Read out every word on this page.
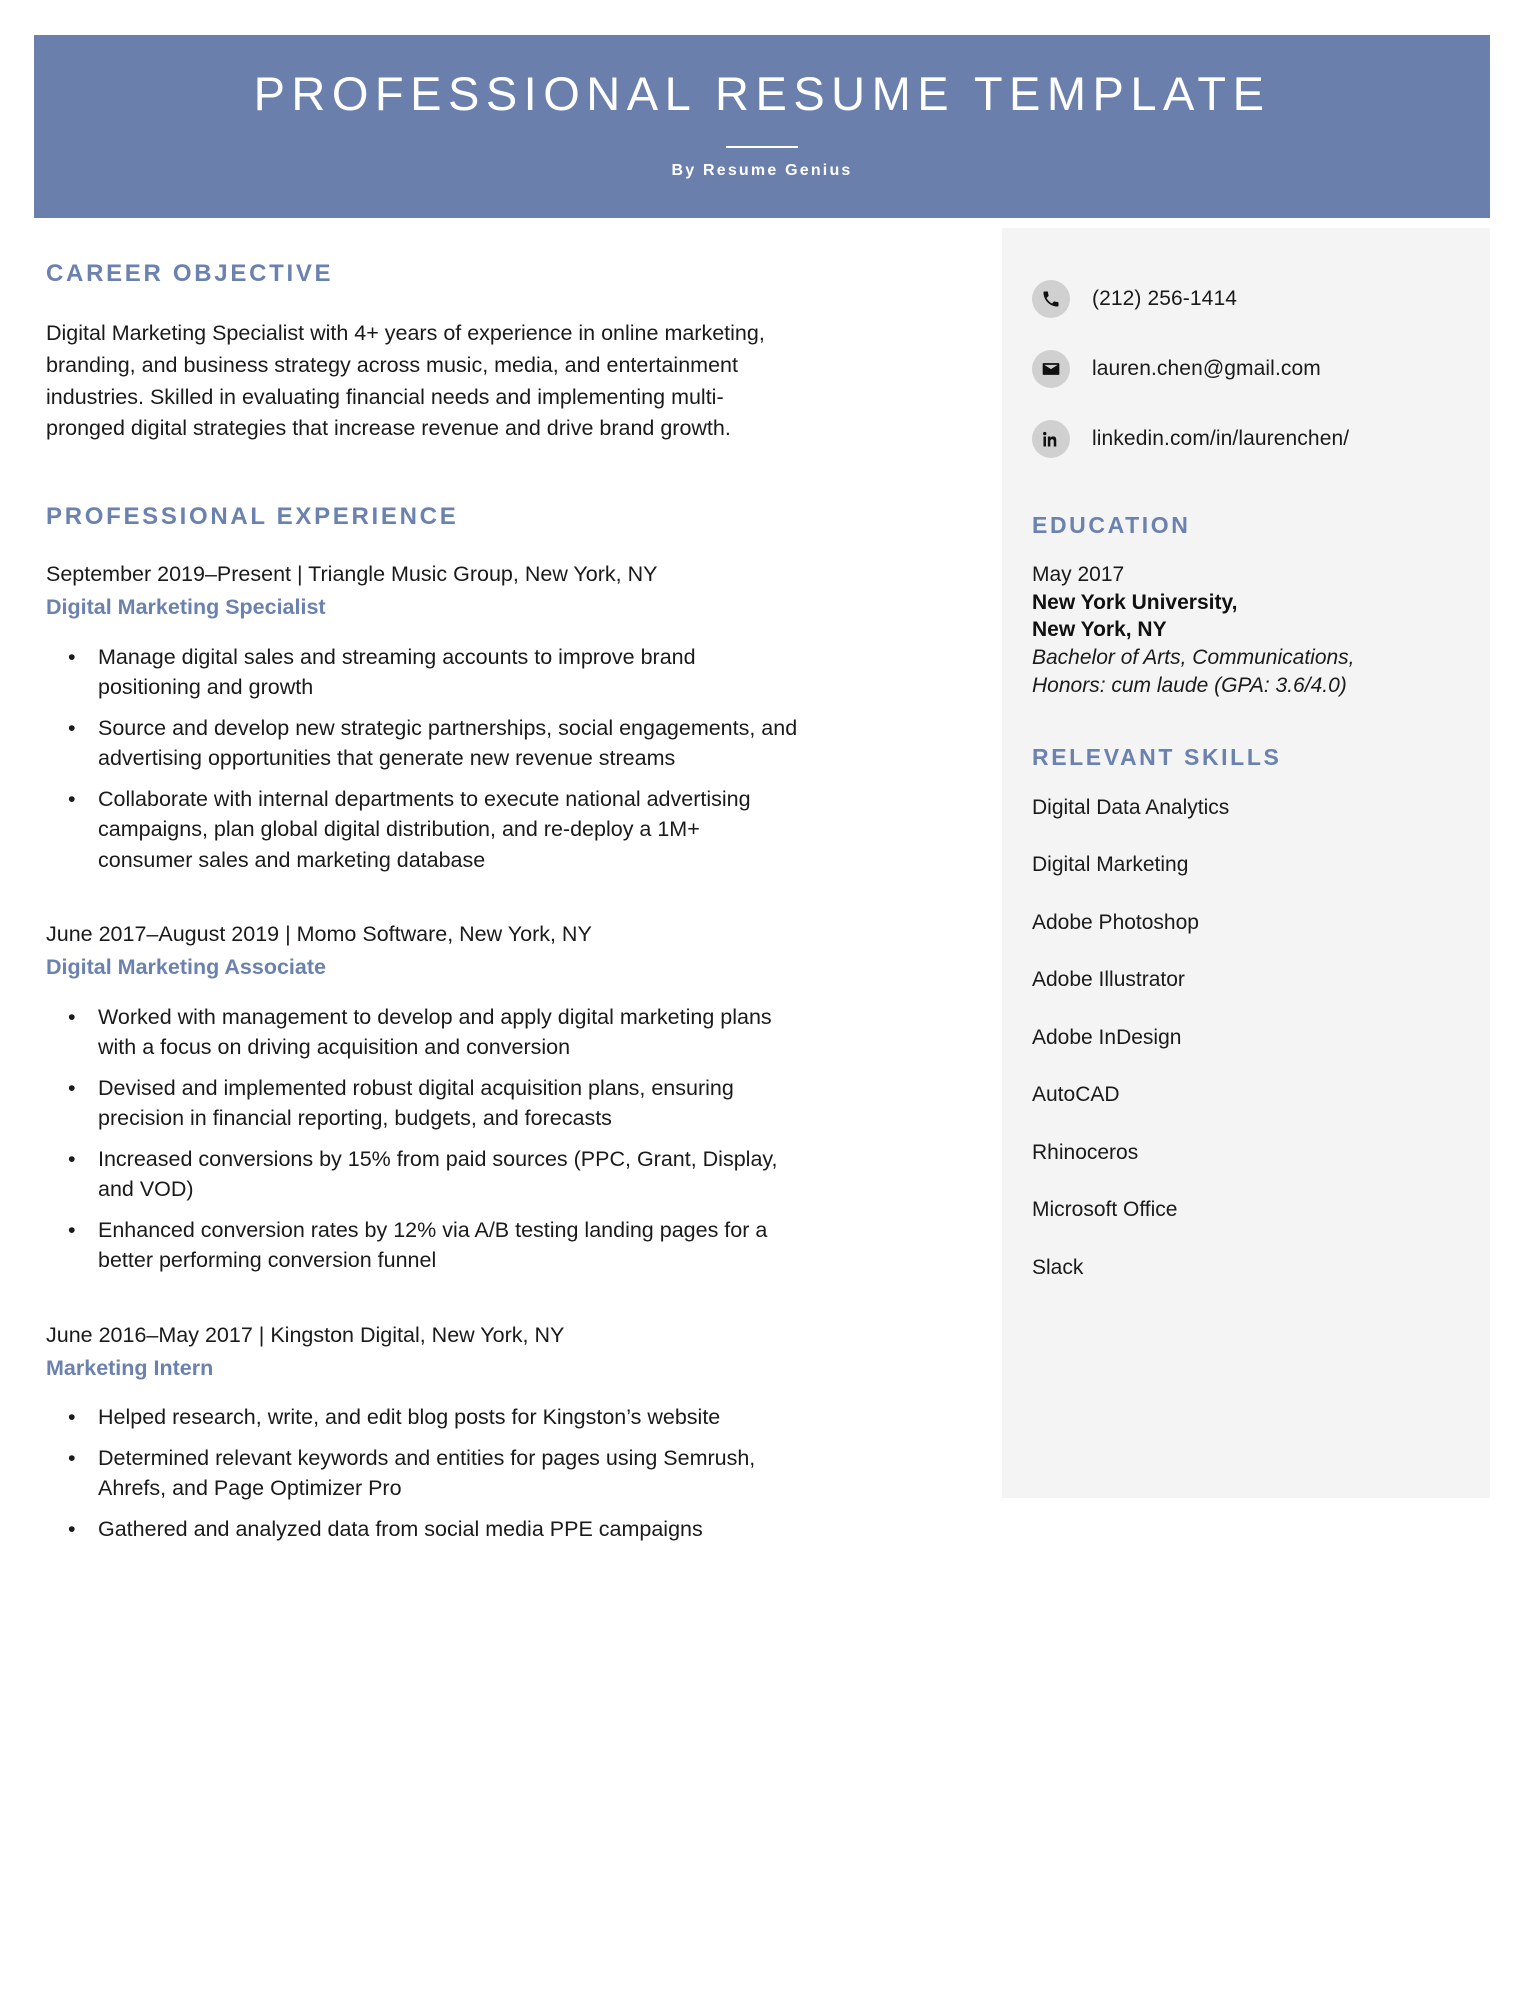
PROFESSIONAL RESUME TEMPLATE
By Resume Genius
CAREER OBJECTIVE
Digital Marketing Specialist with 4+ years of experience in online marketing, branding, and business strategy across music, media, and entertainment industries. Skilled in evaluating financial needs and implementing multi-pronged digital strategies that increase revenue and drive brand growth.
PROFESSIONAL EXPERIENCE
September 2019–Present | Triangle Music Group, New York, NY
Digital Marketing Specialist
•	Manage digital sales and streaming accounts to improve brand positioning and growth
•	Source and develop new strategic partnerships, social engagements, and advertising opportunities that generate new revenue streams
•	Collaborate with internal departments to execute national advertising campaigns, plan global digital distribution, and re-deploy a 1M+ consumer sales and marketing database
June 2017–August 2019 | Momo Software, New York, NY
Digital Marketing Associate
•	Worked with management to develop and apply digital marketing plans with a focus on driving acquisition and conversion
•	Devised and implemented robust digital acquisition plans, ensuring precision in financial reporting, budgets, and forecasts
•	Increased conversions by 15% from paid sources (PPC, Grant, Display, and VOD)
•	Enhanced conversion rates by 12% via A/B testing landing pages for a better performing conversion funnel
June 2016–May 2017 | Kingston Digital, New York, NY
Marketing Intern
•	Helped research, write, and edit blog posts for Kingston’s website
•	Determined relevant keywords and entities for pages using Semrush, Ahrefs, and Page Optimizer Pro
•	Gathered and analyzed data from social media PPE campaigns
(212) 256-1414
lauren.chen@gmail.com
linkedin.com/in/laurenchen/
EDUCATION
May 2017
New York University,
New York, NY
Bachelor of Arts, Communications,
Honors: cum laude (GPA: 3.6/4.0)
RELEVANT SKILLS
Digital Data Analytics
Digital Marketing
Adobe Photoshop
Adobe Illustrator
Adobe InDesign
AutoCAD
Rhinoceros
Microsoft Office
Slack
